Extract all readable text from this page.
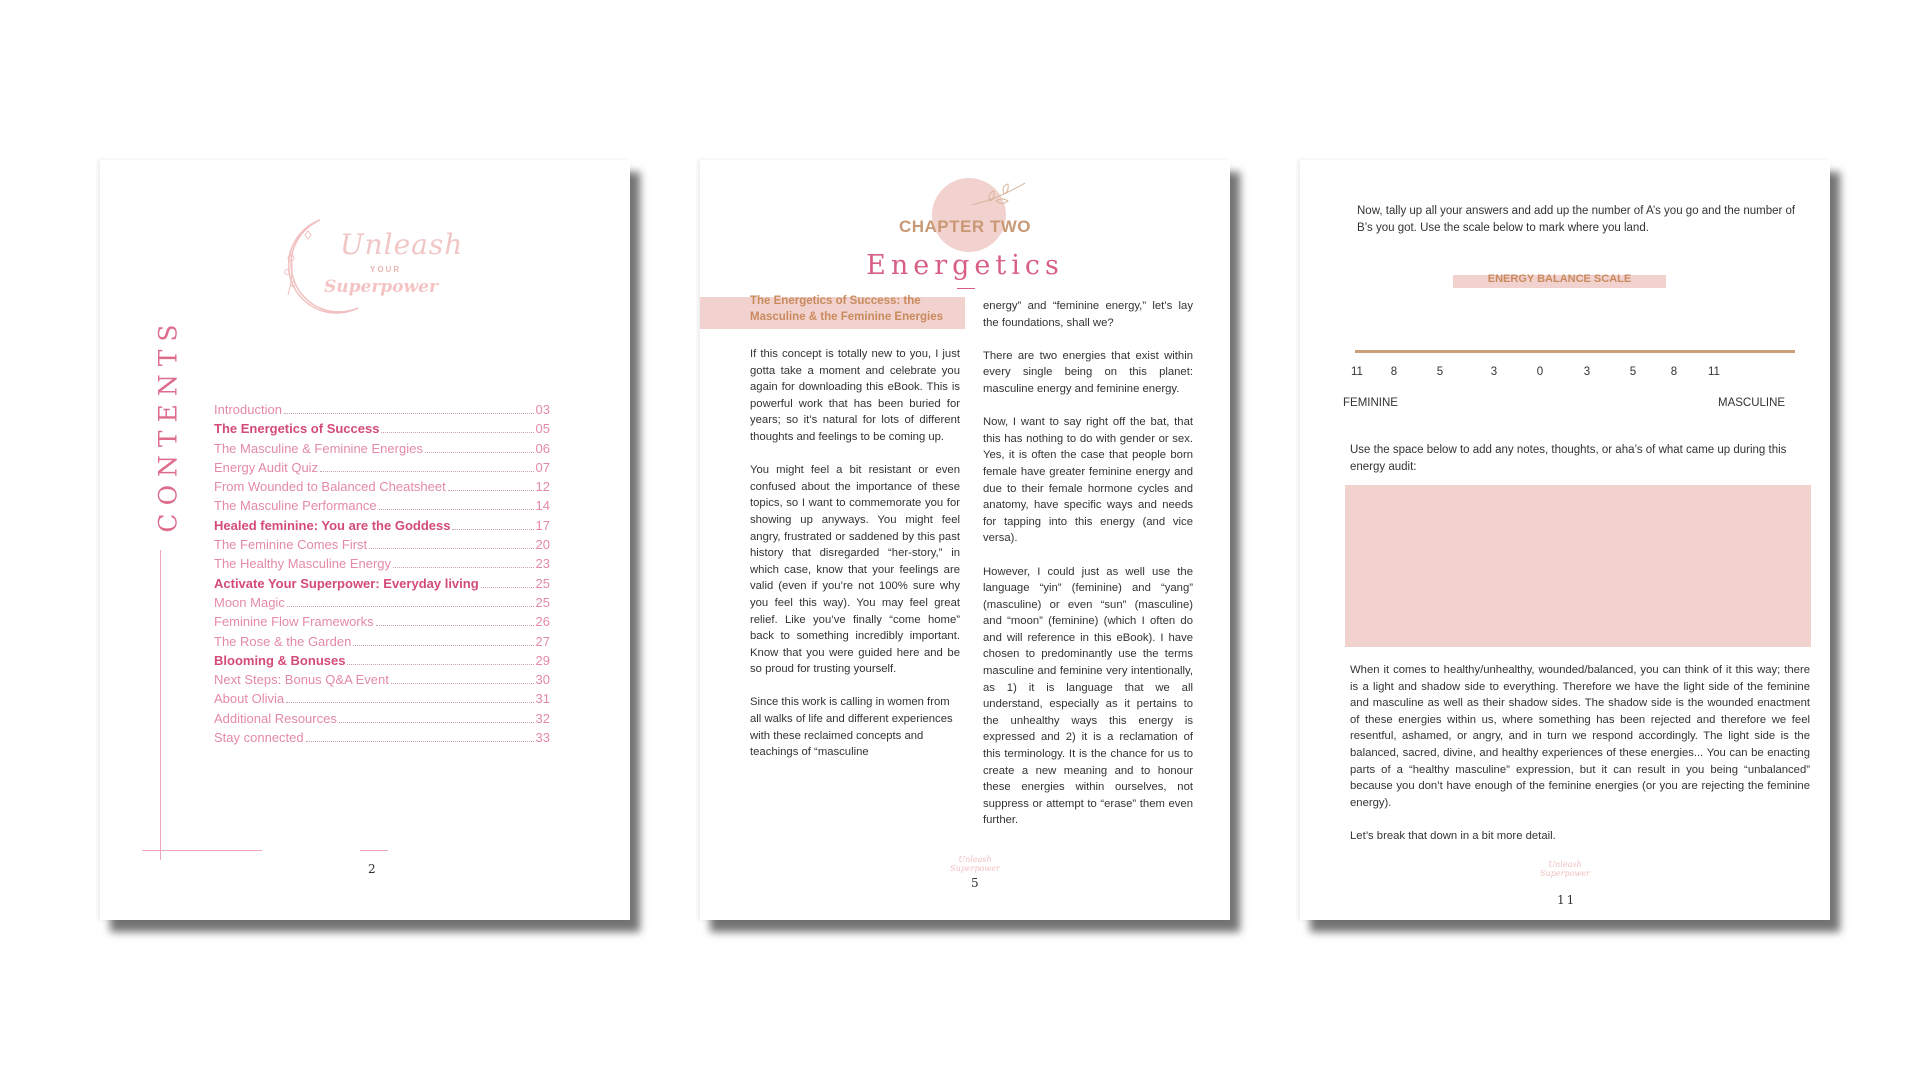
Unleash
YOUR
Superpower
CONTENTS Introduction	03
The Energetics of Success	05
The Masculine & Feminine Energies	06
Energy Audit Quiz	07
From Wounded to Balanced Cheatsheet	12
The Masculine Performance	14
Healed feminine: You are the Goddess	17
The Feminine Comes First	20
The Healthy Masculine Energy	23
Activate Your Superpower: Everyday living	25
Moon Magic	25
Feminine Flow Frameworks	26
The Rose & the Garden	27
Blooming & Bonuses	29
Next Steps: Bonus Q&A Event	30
About Olivia	31
Additional Resources	32
Stay connected	33
2
CHAPTER TWO
Energetics
The Energetics of Success: the Masculine & the Feminine Energies

If this concept is totally new to you, I just gotta take a moment and celebrate you again for downloading this eBook. This is powerful work that has been buried for years; so it’s natural for lots of different thoughts and feelings to be coming up.

You might feel a bit resistant or even confused about the importance of these topics, so I want to commemorate you for showing up anyways. You might feel angry, frustrated or saddened by this past history that disregarded “her-story,” in which case, know that your feelings are valid (even if you’re not 100% sure why you feel this way). You may feel great relief. Like you’ve finally “come home” back to something incredibly important. Know that you were guided here and be so proud for trusting yourself.

Since this work is calling in women from all walks of life and different experiences with these reclaimed concepts and teachings of “masculine

energy” and “feminine energy,” let’s lay the foundations, shall we?

There are two energies that exist within every single being on this planet: masculine energy and feminine energy.

Now, I want to say right off the bat, that this has nothing to do with gender or sex. Yes, it is often the case that people born female have greater feminine energy and due to their female hormone cycles and anatomy, have specific ways and needs for tapping into this energy (and vice versa).

However, I could just as well use the language “yin” (feminine) and “yang” (masculine) or even “sun” (masculine) and “moon” (feminine) (which I often do and will reference in this eBook). I have chosen to predominantly use the terms masculine and feminine very intentionally, as 1) it is language that we all understand, especially as it pertains to the unhealthy ways this energy is expressed and 2) it is a reclamation of this terminology. It is the chance for us to create a new meaning and to honour these energies within ourselves, not suppress or attempt to “erase” them even further.

Unleash
Superpower
5
Now, tally up all your answers and add up the number of A’s you go and the number of B’s you got. Use the scale below to mark where you land.
ENERGY BALANCE SCALE
11	8	5	3	0	3	5	8	11
FEMININE	MASCULINE
Use the space below to add any notes, thoughts, or aha’s of what came up during this energy audit:

When it comes to healthy/unhealthy, wounded/balanced, you can think of it this way; there is a light and shadow side to everything. Therefore we have the light side of the feminine and masculine as well as their shadow sides. The shadow side is the wounded enactment of these energies within us, where something has been rejected and therefore we feel resentful, ashamed, or angry, and in turn we respond accordingly. The light side is the balanced, sacred, divine, and healthy experiences of these energies... You can be enacting parts of a “healthy masculine” expression, but it can result in you being “unbalanced” because you don’t have enough of the feminine energies (or you are rejecting the feminine energy).

Let’s break that down in a bit more detail.

Unleash
Superpower
11
